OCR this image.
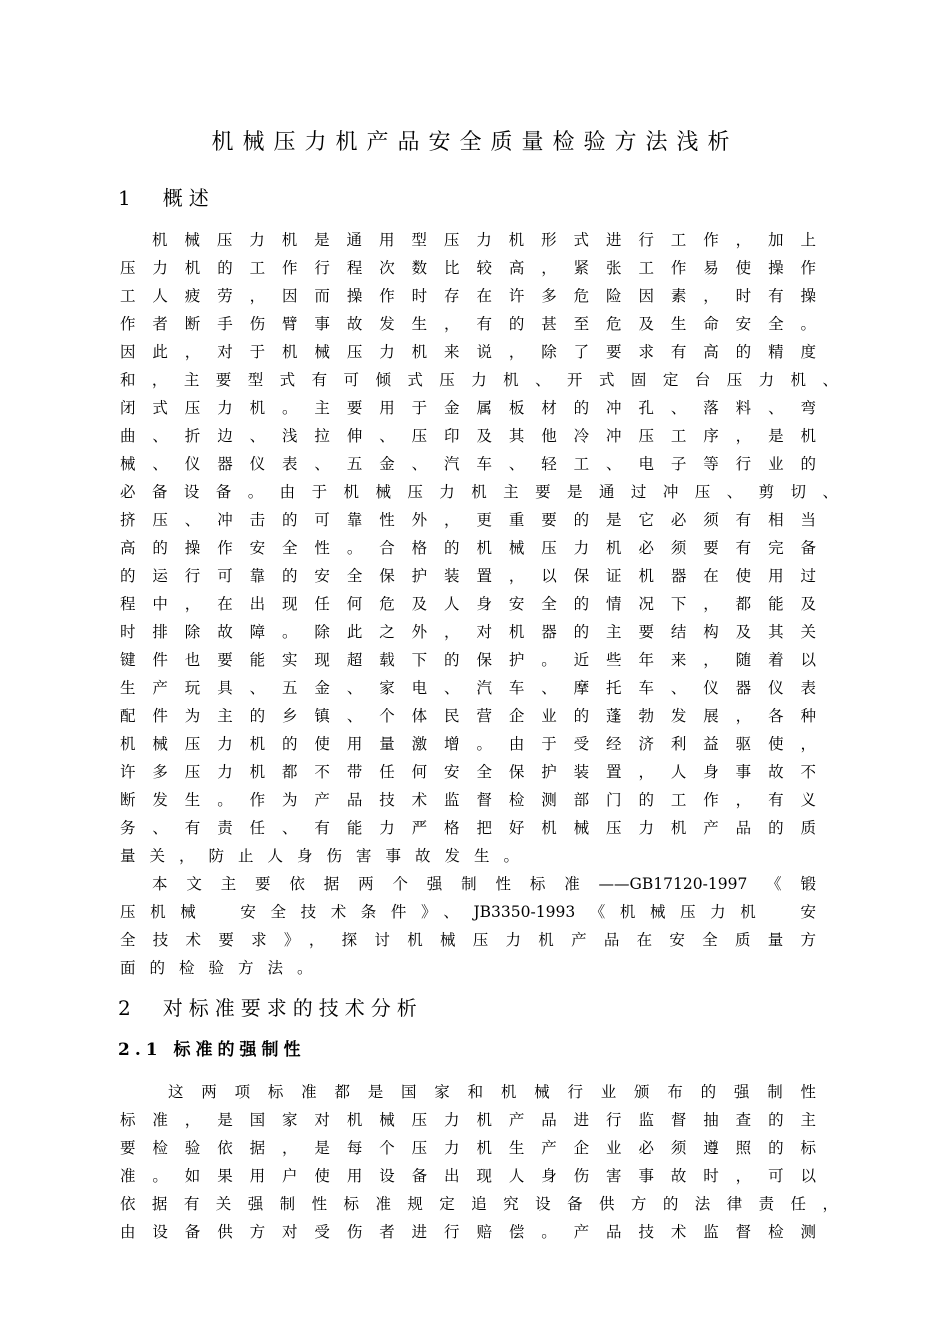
机械压力机产品安全质量检验方法浅析
1　概述
机械压力机是通用型压力机形式进行工作，加上
压力机的工作行程次数比较高，紧张工作易使操作
工人疲劳，因而操作时存在许多危险因素，时有操
作者断手伤臂事故发生，有的甚至危及生命安全。
因此，对于机械压力机来说，除了要求有高的精度
和，主要型式有可倾式压力机、开式固定台压力机、
闭式压力机。主要用于金属板材的冲孔、落料、弯
曲、折边、浅拉伸、压印及其他冷冲压工序，是机
械、仪器仪表、五金、汽车、轻工、电子等行业的
必备设备。由于机械压力机主要是通过冲压、剪切、
挤压、冲击的可靠性外，更重要的是它必须有相当
高的操作安全性。合格的机械压力机必须要有完备
的运行可靠的安全保护装置，以保证机器在使用过
程中，在出现任何危及人身安全的情况下，都能及
时排除故障。除此之外，对机器的主要结构及其关
键件也要能实现超载下的保护。近些年来，随着以
生产玩具、五金、家电、汽车、摩托车、仪器仪表
配件为主的乡镇、个体民营企业的蓬勃发展，各种
机械压力机的使用量激增。由于受经济利益驱使，
许多压力机都不带任何安全保护装置，人身事故不
断发生。作为产品技术监督检测部门的工作，有义
务、有责任、有能力严格把好机械压力机产品的质
量关，防止人身伤害事故发生。
本文主要依据两个强制性标准——GB17120-1997《锻
压机械　安全技术条件》、JB3350-1993《机械压力机　安
全技术要求》，探讨机械压力机产品在安全质量方
面的检验方法。
2　对标准要求的技术分析
2.1 标准的强制性
这两项标准都是国家和机械行业颁布的强制性
标准，是国家对机械压力机产品进行监督抽查的主
要检验依据，是每个压力机生产企业必须遵照的标
准。如果用户使用设备出现人身伤害事故时，可以
依据有关强制性标准规定追究设备供方的法律责任，
由设备供方对受伤者进行赔偿。产品技术监督检测
